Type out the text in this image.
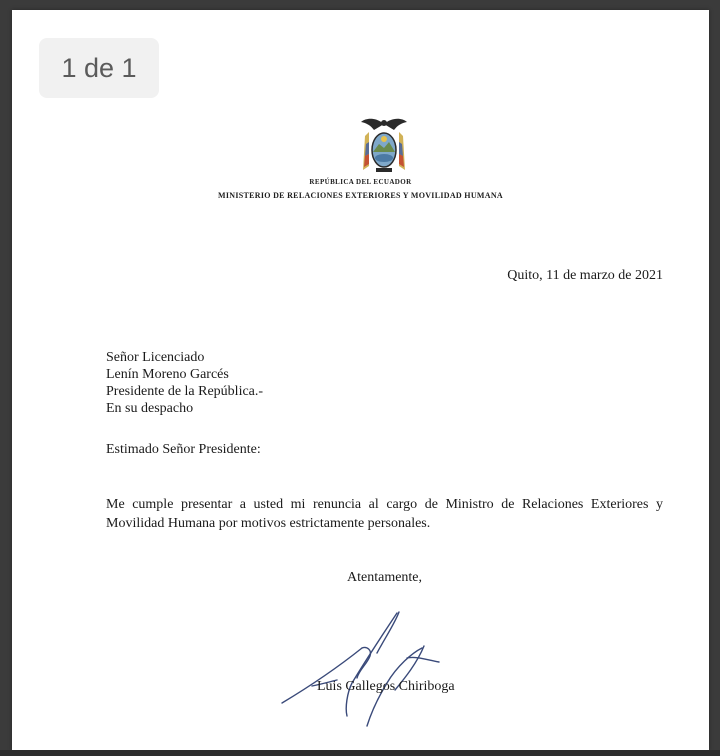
1 de 1
REPÚBLICA DEL ECUADOR
MINISTERIO DE RELACIONES EXTERIORES Y MOVILIDAD HUMANA
Quito, 11 de marzo de 2021
Señor Licenciado
Lenín Moreno Garcés
Presidente de la República.-
En su despacho
Estimado Señor Presidente:
Me cumple presentar a usted mi renuncia al cargo de Ministro de Relaciones Exteriores y
Movilidad Humana por motivos estrictamente personales.
Atentamente,
Luis Gallegos Chiriboga
